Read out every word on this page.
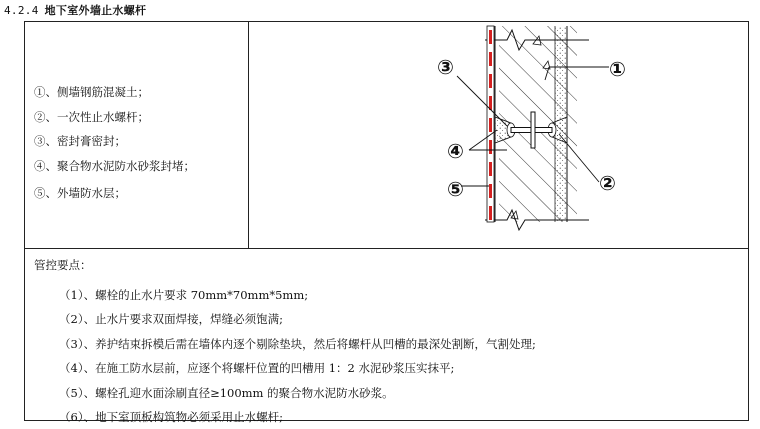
4.2.4 地下室外墙止水螺杆
①、侧墙钢筋混凝土；
②、一次性止水螺杆；
③、密封膏密封；
④、聚合物水泥防水砂浆封堵；
⑤、外墙防水层；
③	①
④
②
⑤
管控要点：
（1）、螺栓的止水片要求 70mm*70mm*5mm;
（2）、止水片要求双面焊接，焊缝必须饱满;
（3）、养护结束拆模后需在墙体内逐个剔除垫块，然后将螺杆从凹槽的最深处割断，气割处理;
（4）、在施工防水层前，应逐个将螺杆位置的凹槽用 1：2 水泥砂浆压实抹平;
（5）、螺栓孔迎水面涂刷直径≥100mm 的聚合物水泥防水砂浆。
（6）、地下室顶板构筑物必须采用止水螺杆;
